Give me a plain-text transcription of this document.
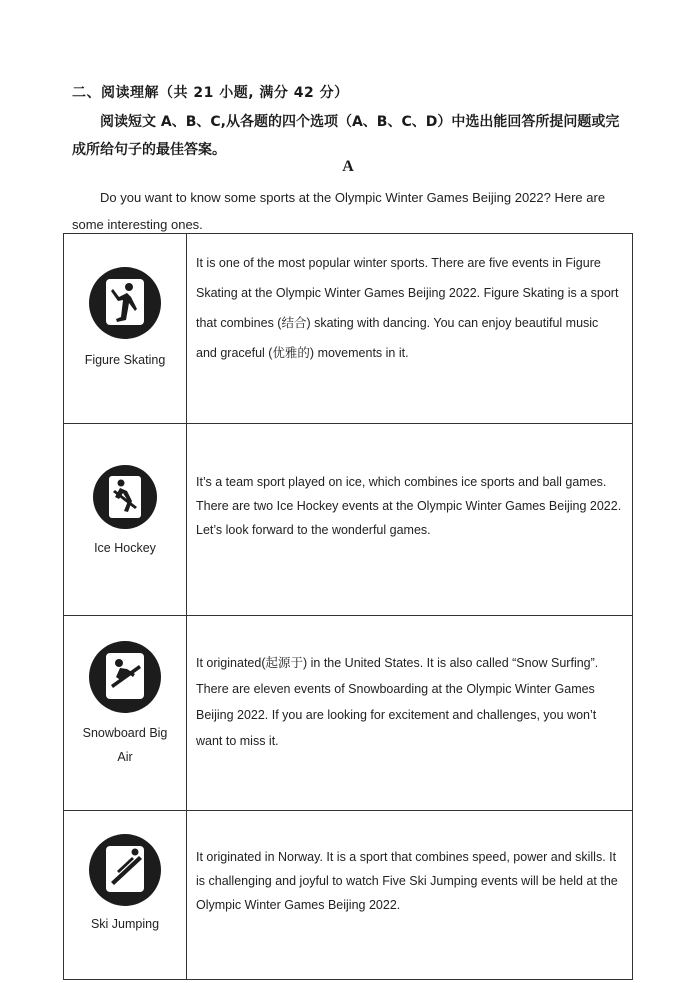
二、阅读理解（共 21 小题, 满分 42 分）
阅读短文 A、B、C,从各题的四个选项（A、B、C、D）中选出能回答所提问题或完成所给句子的最佳答案。
A
Do you want to know some sports at the Olympic Winter Games Beijing 2022? Here are some interesting ones.
Figure Skating	It is one of the most popular winter sports. There are five events in Figure Skating at the Olympic Winter Games Beijing 2022. Figure Skating is a sport that combines (结合) skating with dancing. You can enjoy beautiful music and graceful (优雅的) movements in it.

Ice Hockey	It’s a team sport played on ice, which combines ice sports and ball games. There are two Ice Hockey events at the Olympic Winter Games Beijing 2022. Let’s look forward to the wonderful games.

Snowboard Big Air	It originated(起源于) in the United States. It is also called “Snow Surfing”. There are eleven events of Snowboarding at the Olympic Winter Games Beijing 2022. If you are looking for excitement and challenges, you won’t want to miss it.

Ski Jumping	It originated in Norway. It is a sport that combines speed, power and skills. It is challenging and joyful to watch Five Ski Jumping events will be held at the Olympic Winter Games Beijing 2022.
